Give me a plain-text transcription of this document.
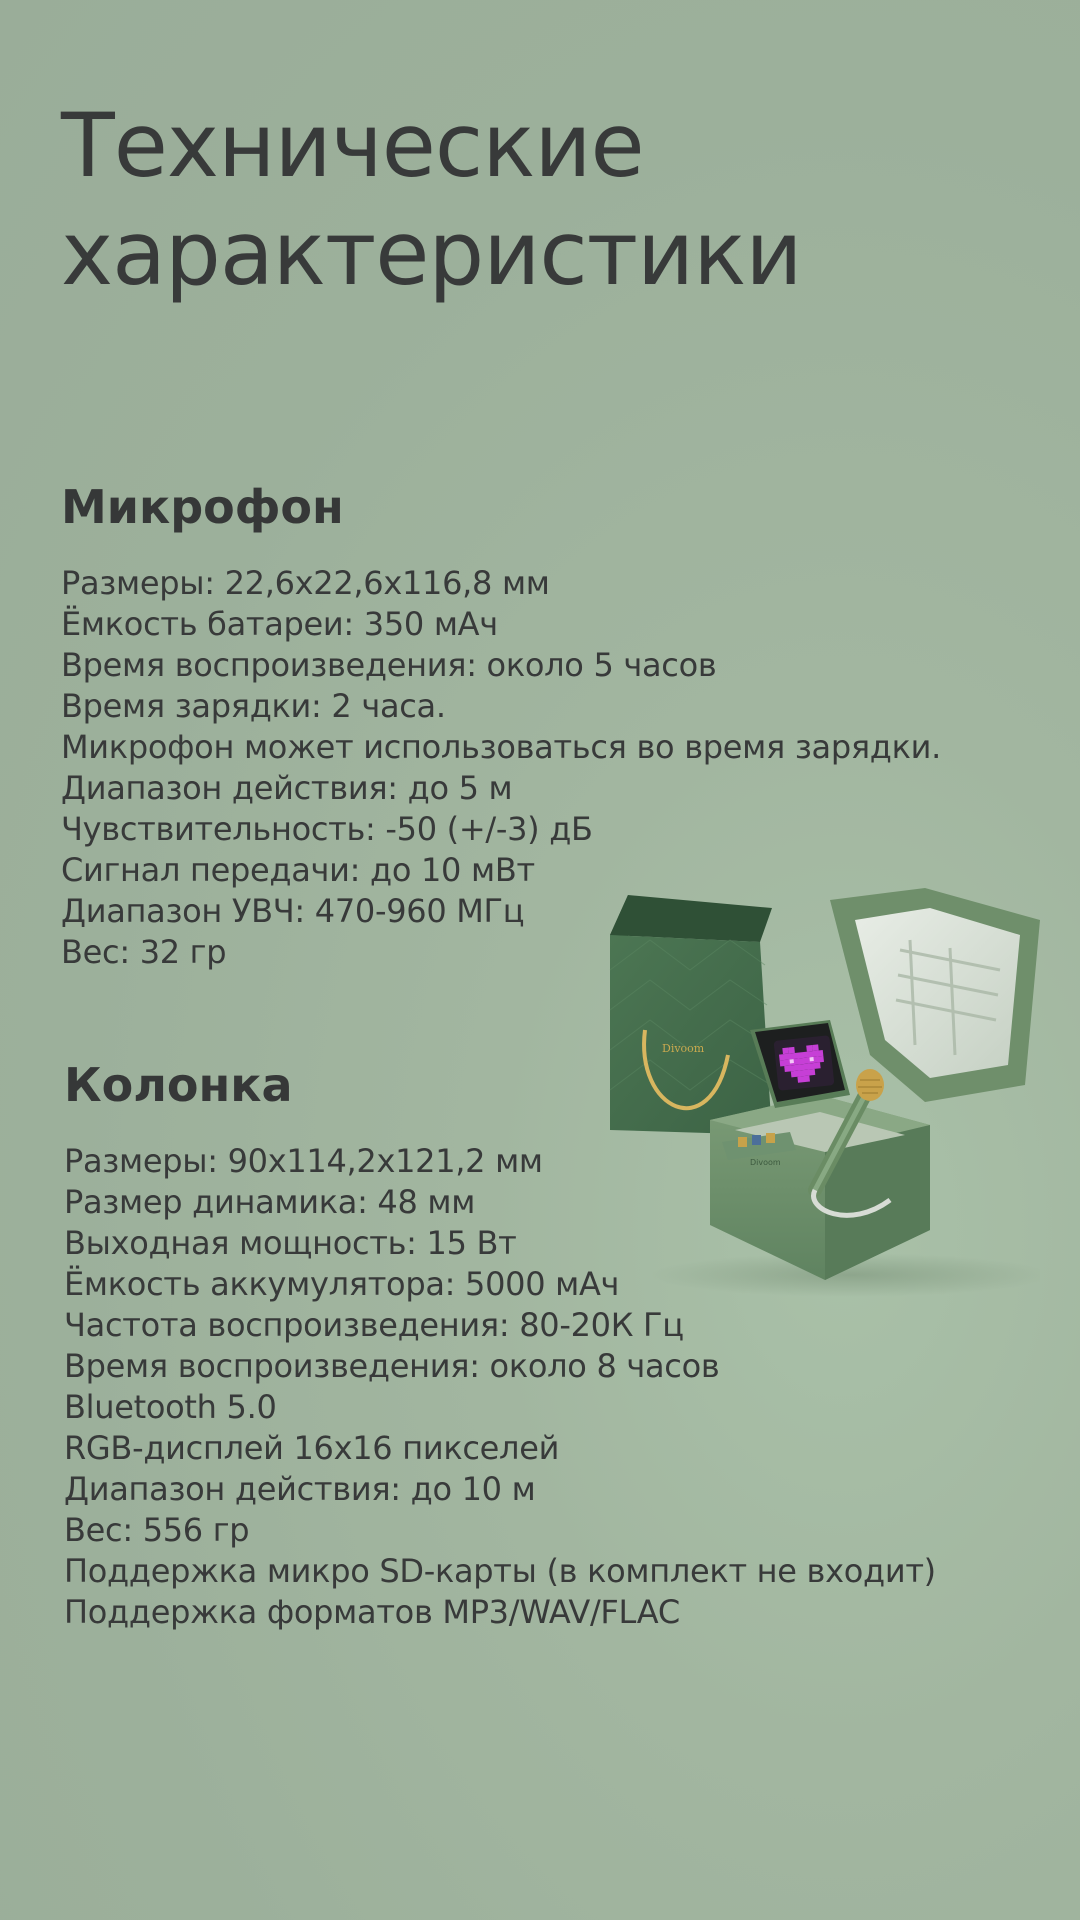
Технические характеристики
Микрофон
Размеры: 22,6х22,6х116,8 мм
Ёмкость батареи: 350 мАч
Время воспроизведения: около 5 часов
Время зарядки: 2 часа.
Микрофон может использоваться во время зарядки.
Диапазон действия: до 5 м
Чувствительность: -50 (+/-3) дБ
Сигнал передачи: до 10 мВт
Диапазон УВЧ: 470-960 МГц
Вес: 32 гр
Колонка
Размеры: 90х114,2х121,2 мм
Размер динамика: 48 мм
Выходная мощность: 15 Вт
Ёмкость аккумулятора: 5000 мАч
Частота воспроизведения: 80-20К Гц
Время воспроизведения: около 8 часов
Bluetooth 5.0
RGB-дисплей 16х16 пикселей
Диапазон действия: до 10 м
Вес: 556 гр
Поддержка микро SD-карты (в комплект не входит)
Поддержка форматов MP3/WAV/FLAC
Divoom
Divoom
